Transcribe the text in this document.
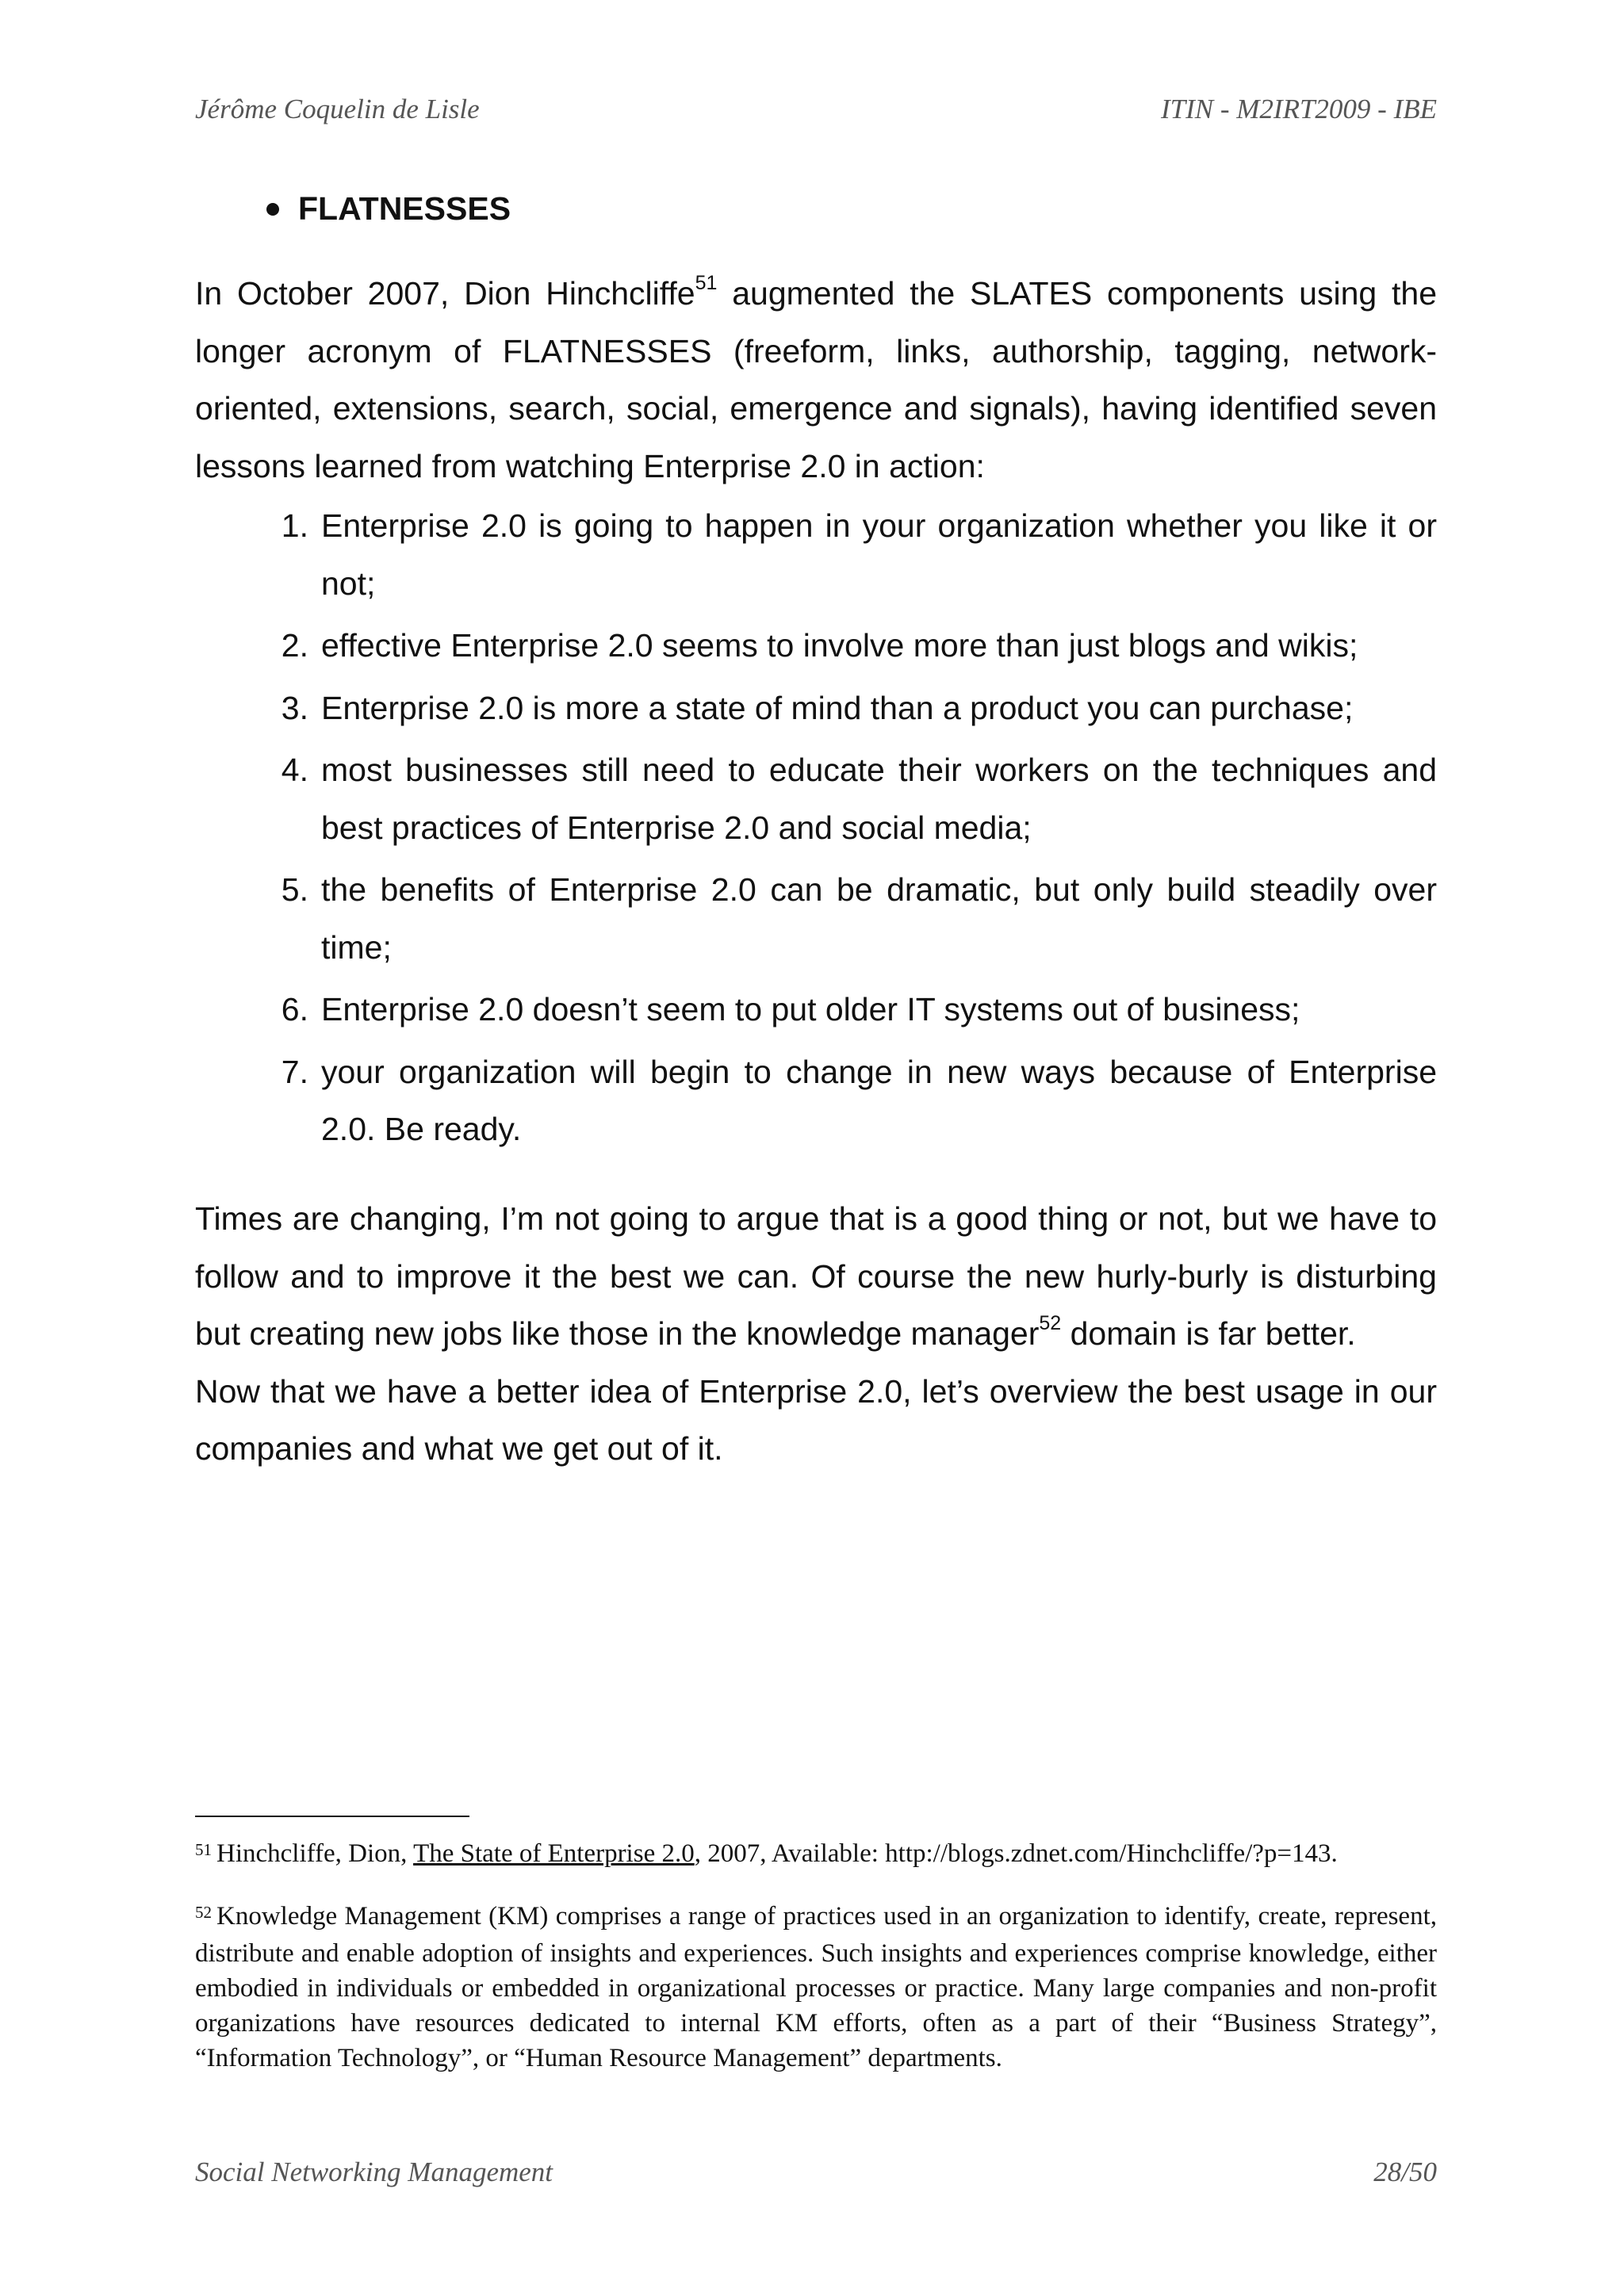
Jérôme Coquelin de Lisle	ITIN - M2IRT2009 - IBE
FLATNESSES
In October 2007, Dion Hinchcliffe$^{51}$ augmented the SLATES components using the longer acronym of FLATNESSES (freeform, links, authorship, tagging, network-oriented, extensions, search, social, emergence and signals), having identified seven lessons learned from watching Enterprise 2.0 in action:
1. Enterprise 2.0 is going to happen in your organization whether you like it or not;
2. effective Enterprise 2.0 seems to involve more than just blogs and wikis;
3. Enterprise 2.0 is more a state of mind than a product you can purchase;
4. most businesses still need to educate their workers on the techniques and best practices of Enterprise 2.0 and social media;
5. the benefits of Enterprise 2.0 can be dramatic, but only build steadily over time;
6. Enterprise 2.0 doesn’t seem to put older IT systems out of business;
7. your organization will begin to change in new ways because of Enterprise 2.0. Be ready.
Times are changing, I’m not going to argue that is a good thing or not, but we have to follow and to improve it the best we can. Of course the new hurly-burly is disturbing but creating new jobs like those in the knowledge manager$^{52}$ domain is far better.
Now that we have a better idea of Enterprise 2.0, let’s overview the best usage in our companies and what we get out of it.
$^{51}$ Hinchcliffe, Dion, The State of Enterprise 2.0, 2007, Available: http://blogs.zdnet.com/Hinchcliffe/?p=143.
$^{52}$ Knowledge Management (KM) comprises a range of practices used in an organization to identify, create, represent, distribute and enable adoption of insights and experiences. Such insights and experiences comprise knowledge, either embodied in individuals or embedded in organizational processes or practice. Many large companies and non-profit organizations have resources dedicated to internal KM efforts, often as a part of their “Business Strategy”, “Information Technology”, or “Human Resource Management” departments.
Social Networking Management	28/50
